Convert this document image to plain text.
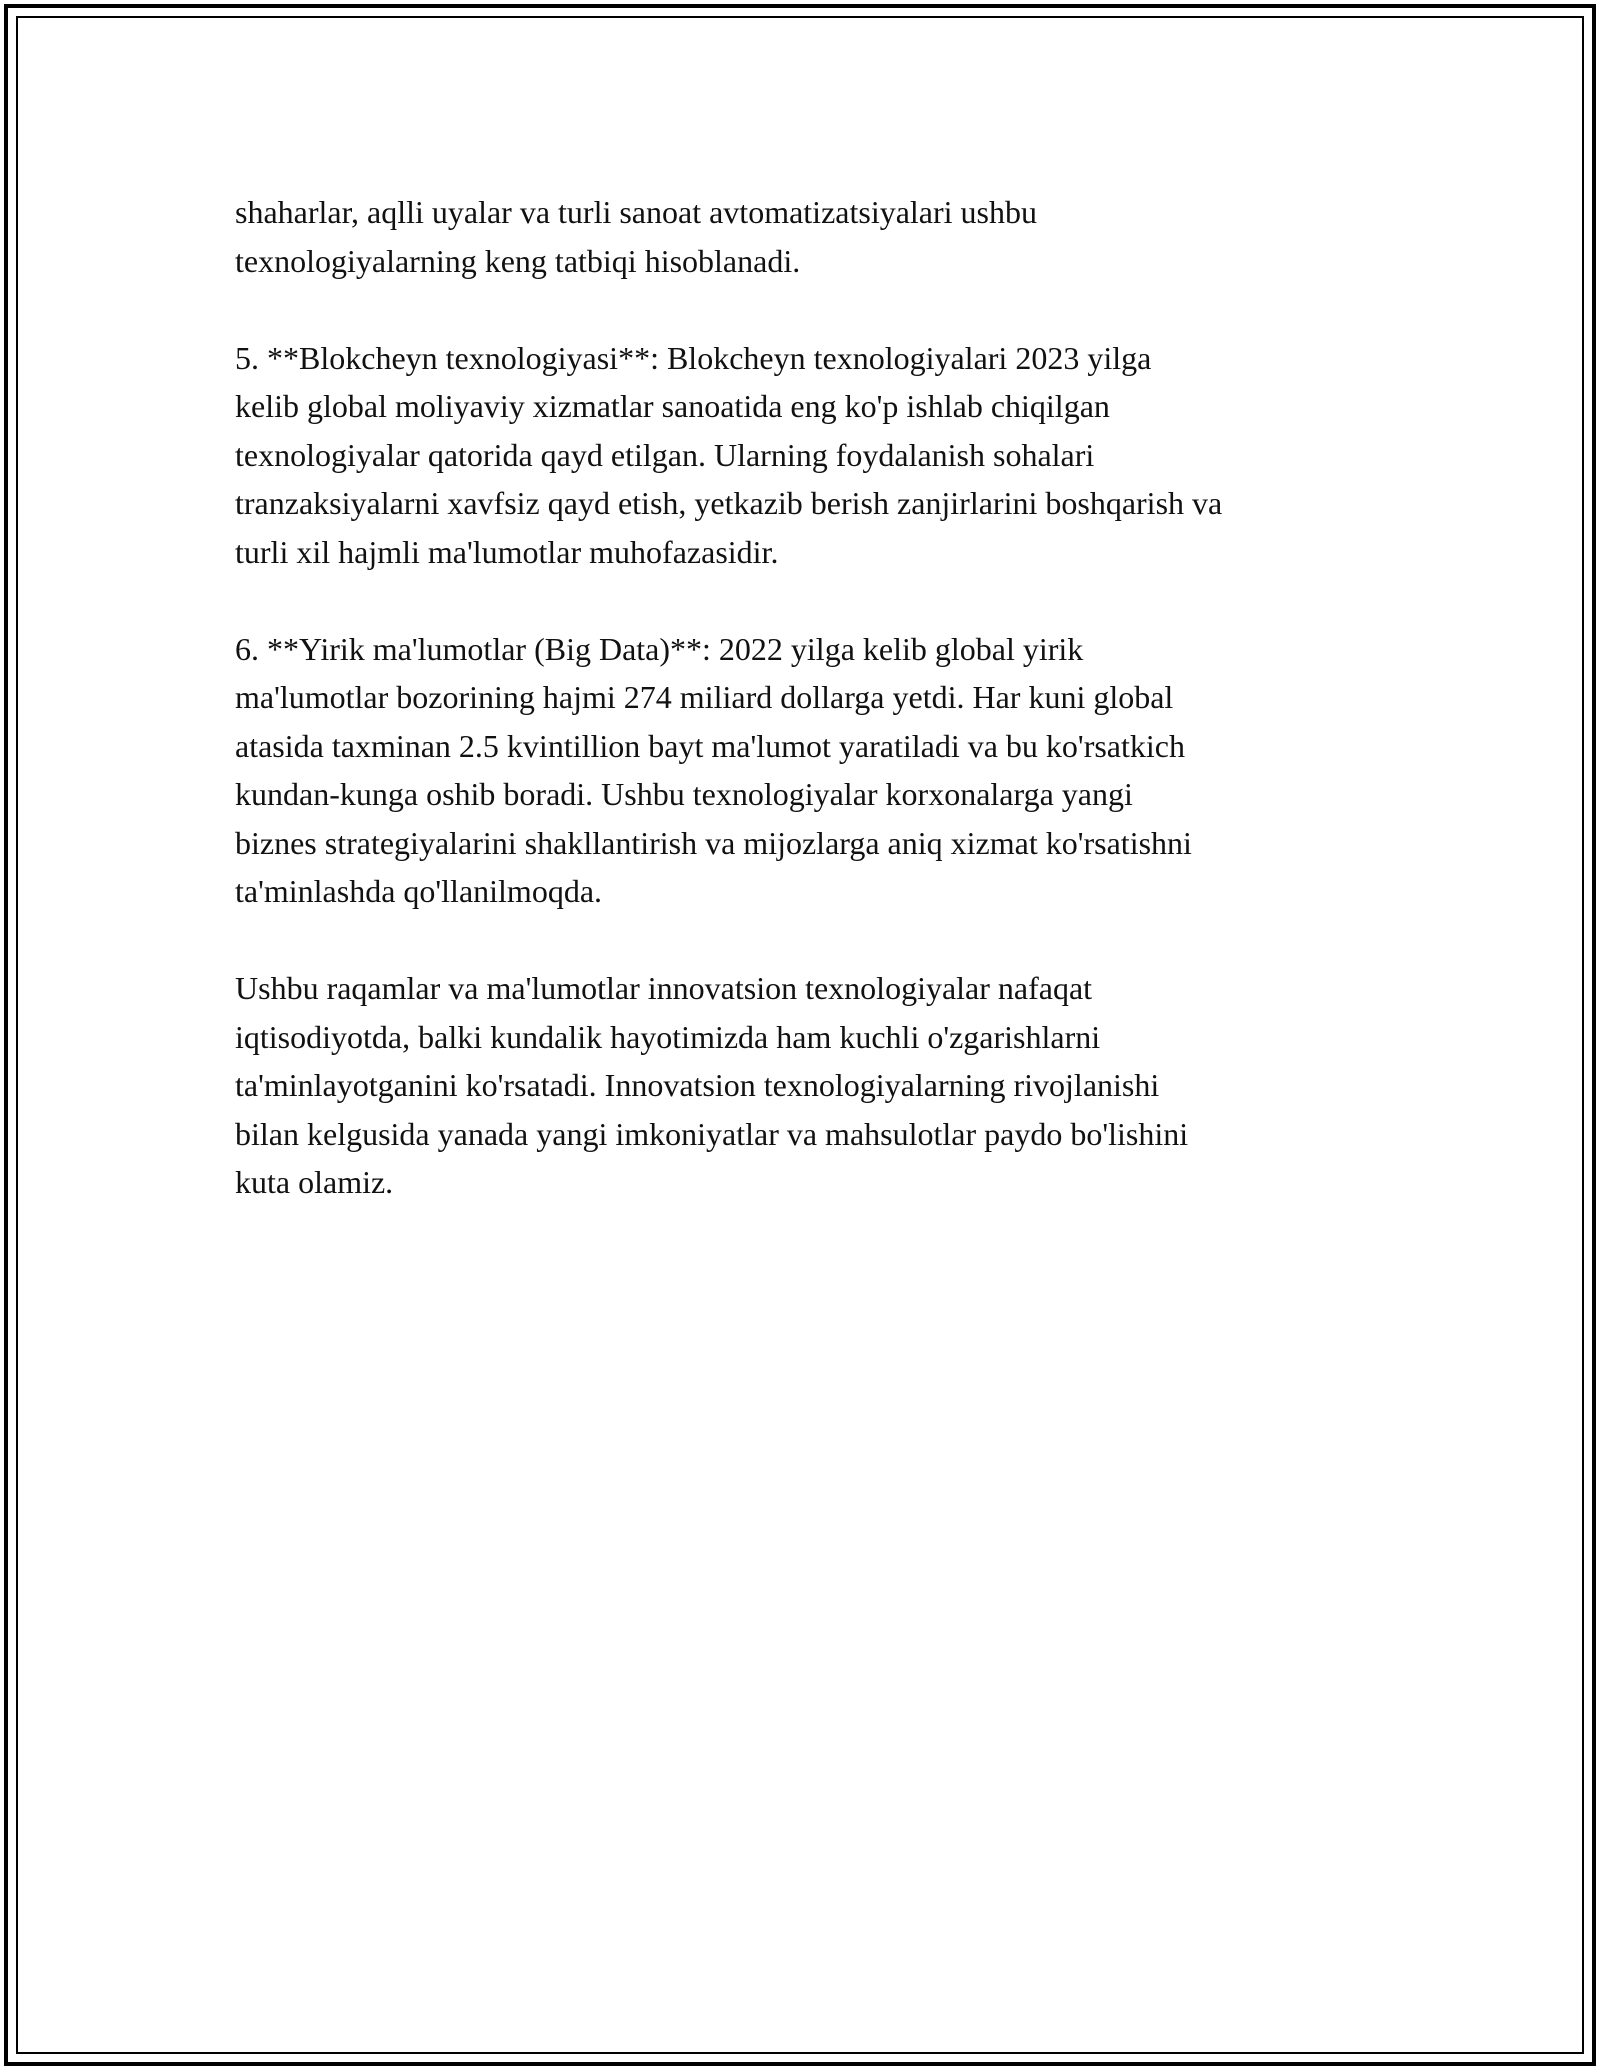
shaharlar, aqlli uyalar va turli sanoat avtomatizatsiyalari ushbu
texnologiyalarning keng tatbiqi hisoblanadi.
5. **Blokcheyn texnologiyasi**: Blokcheyn texnologiyalari 2023 yilga
kelib global moliyaviy xizmatlar sanoatida eng ko'p ishlab chiqilgan
texnologiyalar qatorida qayd etilgan. Ularning foydalanish sohalari
tranzaksiyalarni xavfsiz qayd etish, yetkazib berish zanjirlarini boshqarish va
turli xil hajmli ma'lumotlar muhofazasidir.
6. **Yirik ma'lumotlar (Big Data)**: 2022 yilga kelib global yirik
ma'lumotlar bozorining hajmi 274 miliard dollarga yetdi. Har kuni global
atasida taxminan 2.5 kvintillion bayt ma'lumot yaratiladi va bu ko'rsatkich
kundan-kunga oshib boradi. Ushbu texnologiyalar korxonalarga yangi
biznes strategiyalarini shakllantirish va mijozlarga aniq xizmat ko'rsatishni
ta'minlashda qo'llanilmoqda.
Ushbu raqamlar va ma'lumotlar innovatsion texnologiyalar nafaqat
iqtisodiyotda, balki kundalik hayotimizda ham kuchli o'zgarishlarni
ta'minlayotganini ko'rsatadi. Innovatsion texnologiyalarning rivojlanishi
bilan kelgusida yanada yangi imkoniyatlar va mahsulotlar paydo bo'lishini
kuta olamiz.
